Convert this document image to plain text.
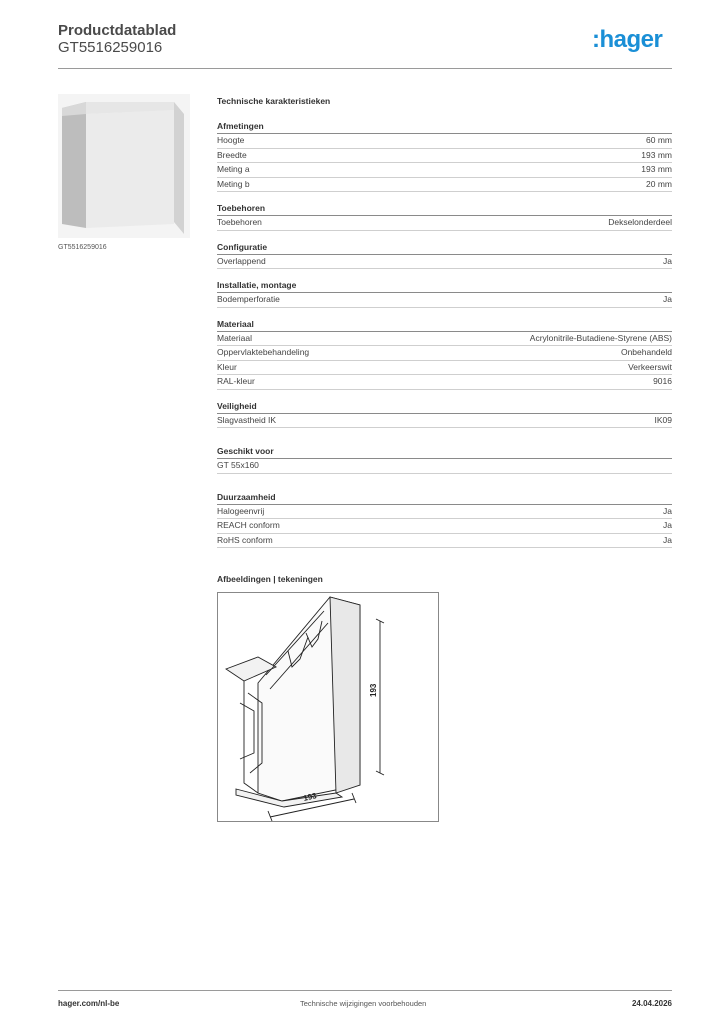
Productdatablad
GT5516259016	:hager
GT5516259016
Technische karakteristieken
Afmetingen
Hoogte	60 mm
Breedte	193 mm
Meting a	193 mm
Meting b	20 mm
Toebehoren
Toebehoren	Dekselonderdeel
Configuratie
Overlappend	Ja
Installatie, montage
Bodemperforatie	Ja
Materiaal
Materiaal	Acrylonitrile-Butadiene-Styrene (ABS)
Oppervlaktebehandeling	Onbehandeld
Kleur	Verkeerswit
RAL-kleur	9016
Veiligheid
Slagvastheid IK	IK09
Geschikt voor
GT 55x160
Duurzaamheid
Halogeenvrij	Ja
REACH conform	Ja
RoHS conform	Ja
Afbeeldingen | tekeningen
193
193
hager.com/nl-be	Technische wijzigingen voorbehouden	24.04.2026
